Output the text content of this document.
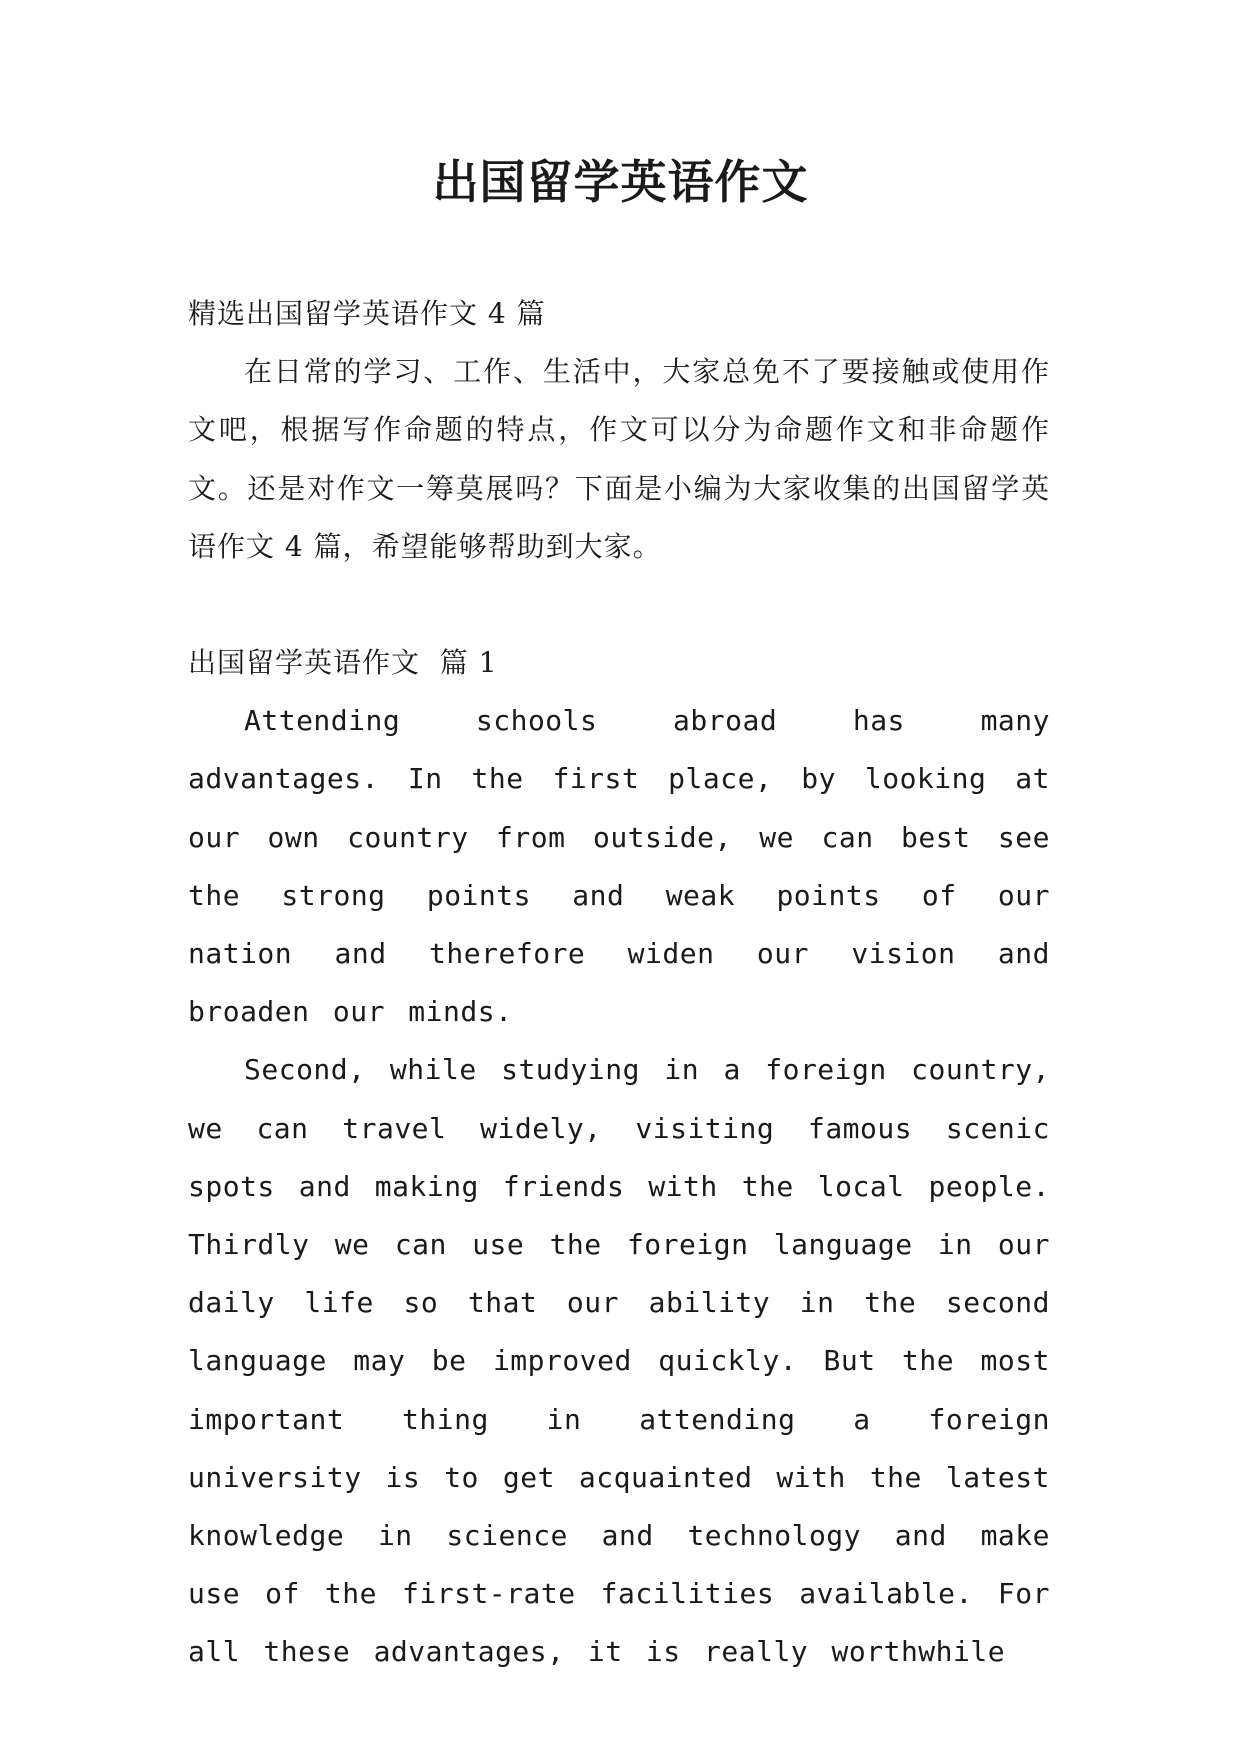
出国留学英语作文

精选出国留学英语作文 4 篇

在日常的学习、工作、生活中，大家总免不了要接触或使用作文吧，根据写作命题的特点，作文可以分为命题作文和非命题作文。还是对作文一筹莫展吗？下面是小编为大家收集的出国留学英语作文 4 篇，希望能够帮助到大家。

出国留学英语作文  篇 1

Attending schools abroad has many advantages. In the first place, by looking at our own country from outside, we can best see the strong points and weak points of our nation and therefore widen our vision and broaden our minds.

Second, while studying in a foreign country, we can travel widely, visiting famous scenic spots and making friends with the local people. Thirdly we can use the foreign language in our daily life so that our ability in the second language may be improved quickly. But the most important thing in attending a foreign university is to get acquainted with the latest knowledge in science and technology and make use of the first-rate facilities available. For all these advantages, it is really worthwhile
